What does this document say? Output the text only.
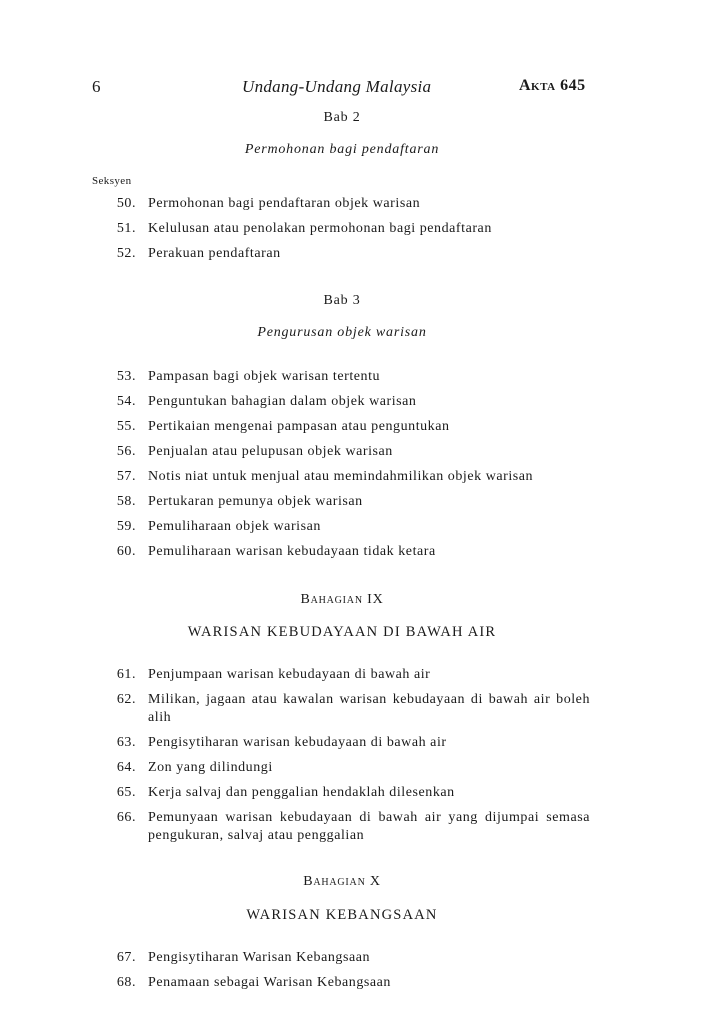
6	Undang-Undang Malaysia	Akta 645
Bab 2
Permohonan bagi pendaftaran
Seksyen
50. Permohonan bagi pendaftaran objek warisan
51. Kelulusan atau penolakan permohonan bagi pendaftaran
52. Perakuan pendaftaran
Bab 3
Pengurusan objek warisan
53. Pampasan bagi objek warisan tertentu
54. Penguntukan bahagian dalam objek warisan
55. Pertikaian mengenai pampasan atau penguntukan
56. Penjualan atau pelupusan objek warisan
57. Notis niat untuk menjual atau memindahmilikan objek warisan
58. Pertukaran pemunya objek warisan
59. Pemuliharaan objek warisan
60. Pemuliharaan warisan kebudayaan tidak ketara
Bahagian IX
WARISAN KEBUDAYAAN DI BAWAH AIR
61. Penjumpaan warisan kebudayaan di bawah air
62. Milikan, jagaan atau kawalan warisan kebudayaan di bawah air boleh alih
63. Pengisytiharan warisan kebudayaan di bawah air
64. Zon yang dilindungi
65. Kerja salvaj dan penggalian hendaklah dilesenkan
66. Pemunyaan warisan kebudayaan di bawah air yang dijumpai semasa pengukuran, salvaj atau penggalian
Bahagian X
WARISAN KEBANGSAAN
67. Pengisytiharan Warisan Kebangsaan
68. Penamaan sebagai Warisan Kebangsaan
